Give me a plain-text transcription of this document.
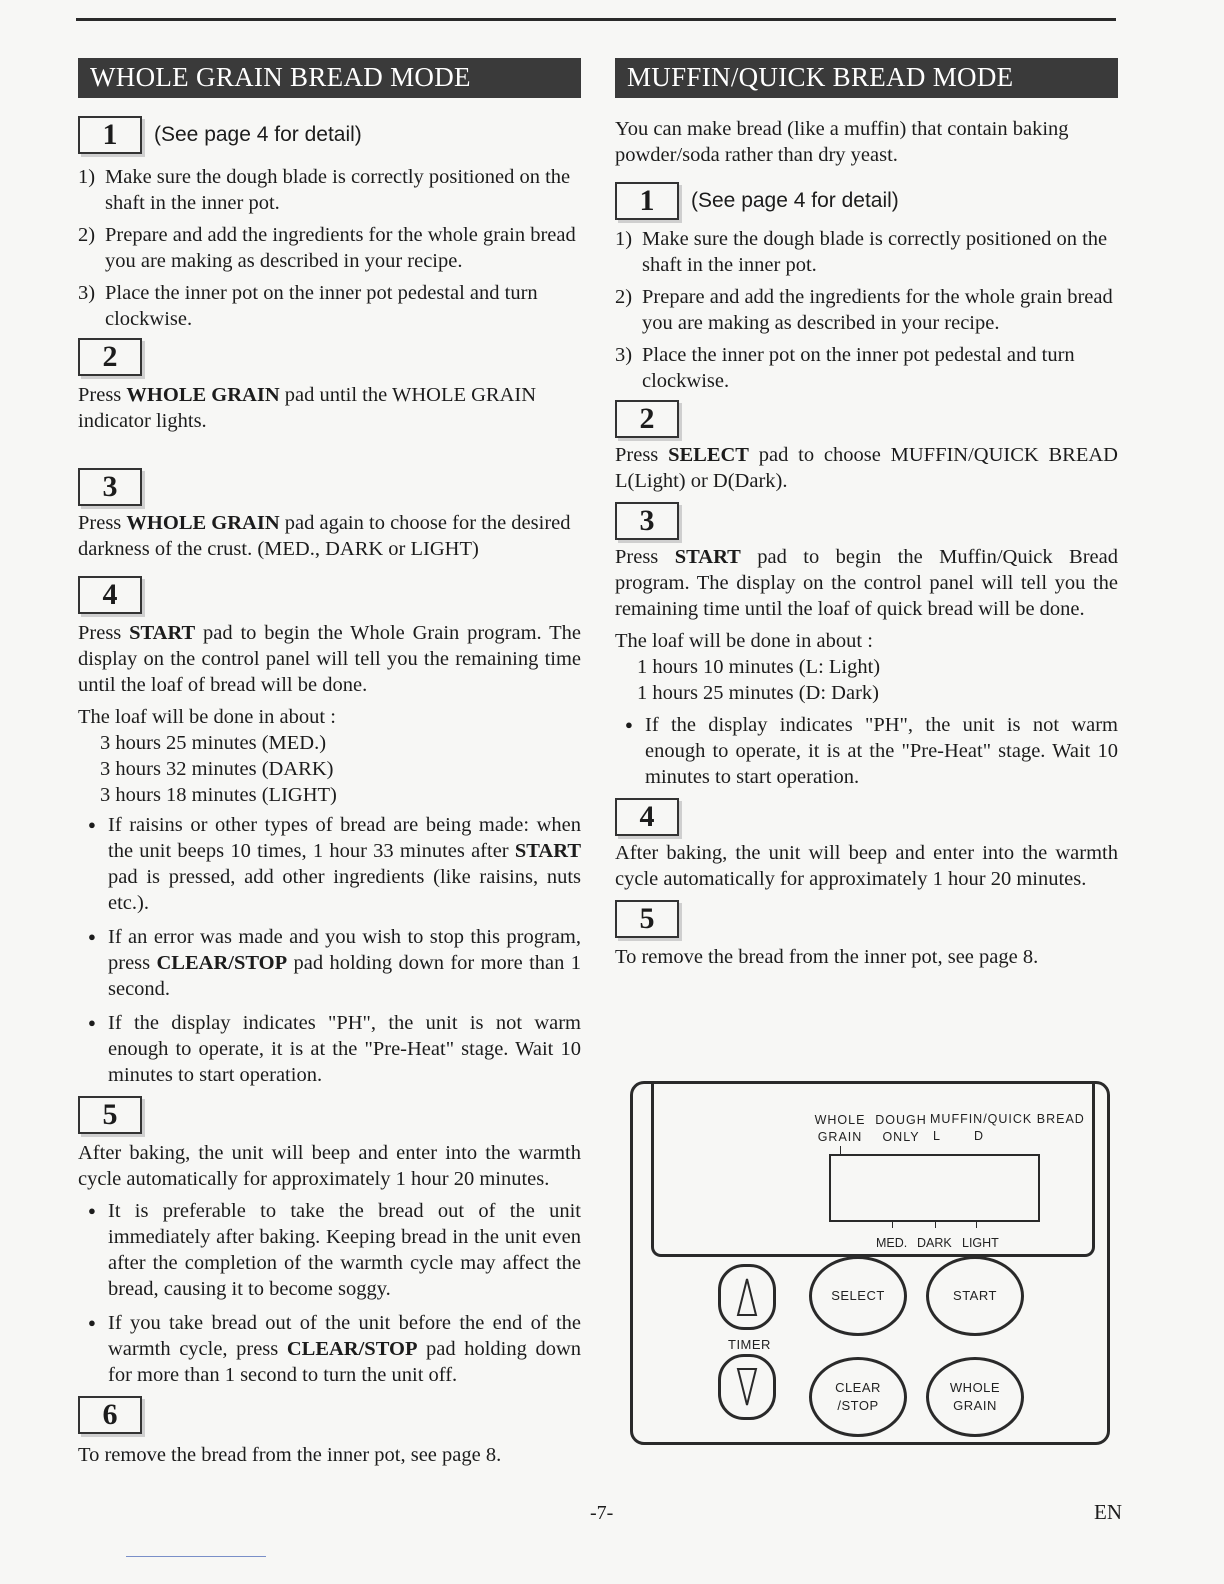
WHOLE GRAIN BREAD MODE
1	(See page 4 for detail)
1) Make sure the dough blade is correctly positioned on the shaft in the inner pot.
2) Prepare and add the ingredients for the whole grain bread you are making as described in your recipe.
3) Place the inner pot on the inner pot pedestal and turn clockwise.
2

Press WHOLE GRAIN pad until the WHOLE GRAIN indicator lights.

3

Press WHOLE GRAIN pad again to choose for the desired darkness of the crust. (MED., DARK or LIGHT)

4

Press START pad to begin the Whole Grain program. The display on the control panel will tell you the remaining time until the loaf of bread will be done.

The loaf will be done in about :

3 hours 25 minutes (MED.)
3 hours 32 minutes (DARK)
3 hours 18 minutes (LIGHT)
● If raisins or other types of bread are being made: when the unit beeps 10 times, 1 hour 33 minutes after START pad is pressed, add other ingredients (like raisins, nuts etc.).
● If an error was made and you wish to stop this program, press CLEAR/STOP pad holding down for more than 1 second.
● If the display indicates "PH", the unit is not warm enough to operate, it is at the "Pre-Heat" stage. Wait 10 minutes to start operation.
5

After baking, the unit will beep and enter into the warmth cycle automatically for approximately 1 hour 20 minutes.

● It is preferable to take the bread out of the unit immediately after baking. Keeping bread in the unit even after the completion of the warmth cycle may affect the bread, causing it to become soggy.
● If you take bread out of the unit before the end of the warmth cycle, press CLEAR/STOP pad holding down for more than 1 second to turn the unit off.
6

To remove the bread from the inner pot, see page 8.

MUFFIN/QUICK BREAD MODE

You can make bread (like a muffin) that contain baking powder/soda rather than dry yeast.

1	(See page 4 for detail)
1) Make sure the dough blade is correctly positioned on the shaft in the inner pot.
2) Prepare and add the ingredients for the whole grain bread you are making as described in your recipe.
3) Place the inner pot on the inner pot pedestal and turn clockwise.
2

Press SELECT pad to choose MUFFIN/QUICK BREAD L(Light) or D(Dark).

3

Press START pad to begin the Muffin/Quick Bread program. The display on the control panel will tell you the remaining time until the loaf of quick bread will be done.

The loaf will be done in about :

1 hours 10 minutes (L: Light)
1 hours 25 minutes (D: Dark)
● If the display indicates "PH", the unit is not warm enough to operate, it is at the "Pre-Heat" stage. Wait 10 minutes to start operation.
4

After baking, the unit will beep and enter into the warmth cycle automatically for approximately 1 hour 20 minutes.

5

To remove the bread from the inner pot, see page 8.

WHOLE
GRAIN
DOUGH
ONLY
MUFFIN/QUICK BREAD
L	D
MED. DARK LIGHT
TIMER
SELECT	START
CLEAR
/STOP
WHOLE
GRAIN
-7-	EN
